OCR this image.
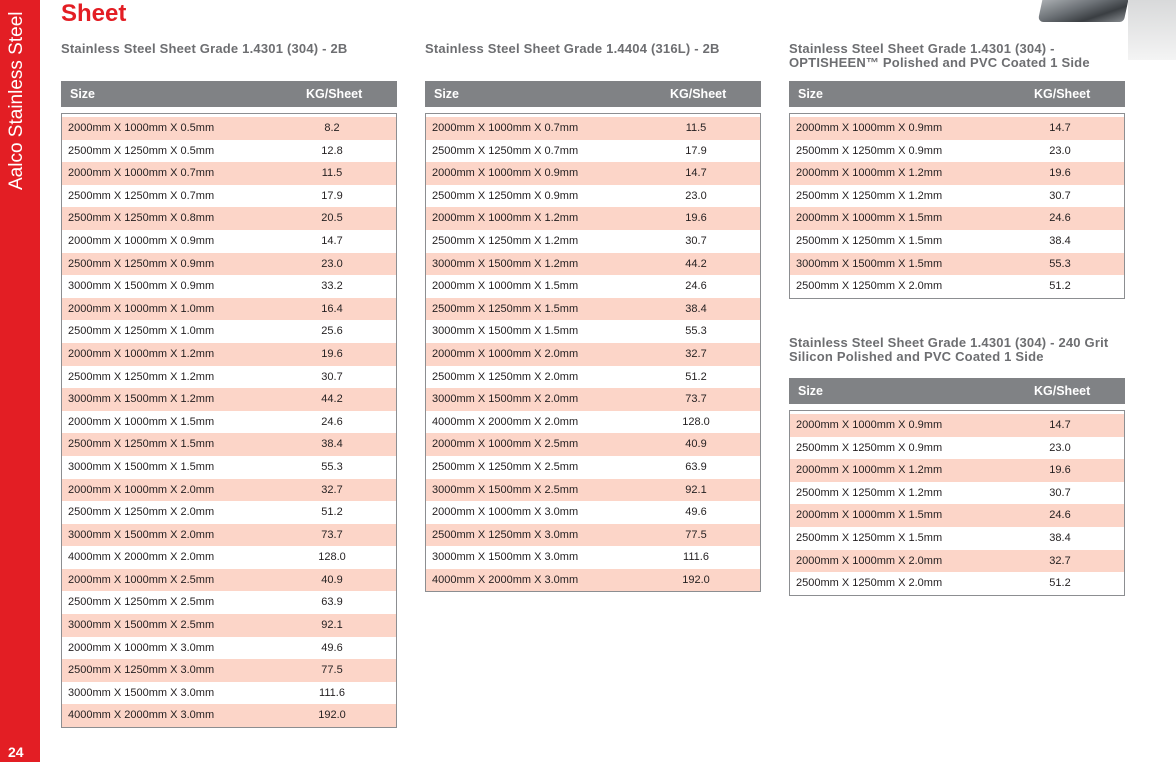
Aalco Stainless Steel
24
Sheet
Stainless Steel Sheet Grade 1.4301 (304) - 2B
Size	KG/Sheet
2000mm X 1000mm X 0.5mm	8.2
2500mm X 1250mm X 0.5mm	12.8
2000mm X 1000mm X 0.7mm	11.5
2500mm X 1250mm X 0.7mm	17.9
2500mm X 1250mm X 0.8mm	20.5
2000mm X 1000mm X 0.9mm	14.7
2500mm X 1250mm X 0.9mm	23.0
3000mm X 1500mm X 0.9mm	33.2
2000mm X 1000mm X 1.0mm	16.4
2500mm X 1250mm X 1.0mm	25.6
2000mm X 1000mm X 1.2mm	19.6
2500mm X 1250mm X 1.2mm	30.7
3000mm X 1500mm X 1.2mm	44.2
2000mm X 1000mm X 1.5mm	24.6
2500mm X 1250mm X 1.5mm	38.4
3000mm X 1500mm X 1.5mm	55.3
2000mm X 1000mm X 2.0mm	32.7
2500mm X 1250mm X 2.0mm	51.2
3000mm X 1500mm X 2.0mm	73.7
4000mm X 2000mm X 2.0mm	128.0
2000mm X 1000mm X 2.5mm	40.9
2500mm X 1250mm X 2.5mm	63.9
3000mm X 1500mm X 2.5mm	92.1
2000mm X 1000mm X 3.0mm	49.6
2500mm X 1250mm X 3.0mm	77.5
3000mm X 1500mm X 3.0mm	111.6
4000mm X 2000mm X 3.0mm	192.0
Stainless Steel Sheet Grade 1.4404 (316L) - 2B
Size	KG/Sheet
2000mm X 1000mm X 0.7mm	11.5
2500mm X 1250mm X 0.7mm	17.9
2000mm X 1000mm X 0.9mm	14.7
2500mm X 1250mm X 0.9mm	23.0
2000mm X 1000mm X 1.2mm	19.6
2500mm X 1250mm X 1.2mm	30.7
3000mm X 1500mm X 1.2mm	44.2
2000mm X 1000mm X 1.5mm	24.6
2500mm X 1250mm X 1.5mm	38.4
3000mm X 1500mm X 1.5mm	55.3
2000mm X 1000mm X 2.0mm	32.7
2500mm X 1250mm X 2.0mm	51.2
3000mm X 1500mm X 2.0mm	73.7
4000mm X 2000mm X 2.0mm	128.0
2000mm X 1000mm X 2.5mm	40.9
2500mm X 1250mm X 2.5mm	63.9
3000mm X 1500mm X 2.5mm	92.1
2000mm X 1000mm X 3.0mm	49.6
2500mm X 1250mm X 3.0mm	77.5
3000mm X 1500mm X 3.0mm	111.6
4000mm X 2000mm X 3.0mm	192.0
Stainless Steel Sheet Grade 1.4301 (304) -
OPTISHEEN™ Polished and PVC Coated 1 Side
Size	KG/Sheet
2000mm X 1000mm X 0.9mm	14.7
2500mm X 1250mm X 0.9mm	23.0
2000mm X 1000mm X 1.2mm	19.6
2500mm X 1250mm X 1.2mm	30.7
2000mm X 1000mm X 1.5mm	24.6
2500mm X 1250mm X 1.5mm	38.4
3000mm X 1500mm X 1.5mm	55.3
2500mm X 1250mm X 2.0mm	51.2
Stainless Steel Sheet Grade 1.4301 (304) - 240 Grit
Silicon Polished and PVC Coated 1 Side
Size	KG/Sheet
2000mm X 1000mm X 0.9mm	14.7
2500mm X 1250mm X 0.9mm	23.0
2000mm X 1000mm X 1.2mm	19.6
2500mm X 1250mm X 1.2mm	30.7
2000mm X 1000mm X 1.5mm	24.6
2500mm X 1250mm X 1.5mm	38.4
2000mm X 1000mm X 2.0mm	32.7
2500mm X 1250mm X 2.0mm	51.2
